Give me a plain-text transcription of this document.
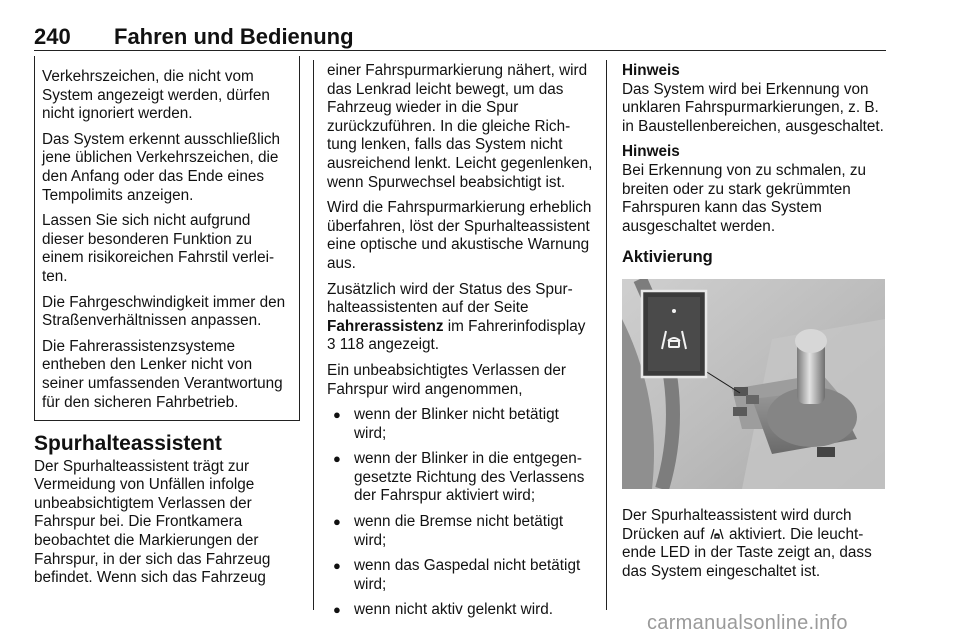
240 Fahren und Bedienung

Verkehrszeichen, die nicht vom System angezeigt werden, dürfen nicht ignoriert werden.

Das System erkennt ausschließlich jene üblichen Verkehrszeichen, die den Anfang oder das Ende eines Tempolimits anzeigen.

Lassen Sie sich nicht aufgrund dieser besonderen Funktion zu einem risikoreichen Fahrstil verleiten.

Die Fahrgeschwindigkeit immer den Straßenverhältnissen anpassen.

Die Fahrerassistenzsysteme entheben den Lenker nicht von seiner umfassenden Verantwortung für den sicheren Fahrbetrieb.

Spurhalteassistent

Der Spurhalteassistent trägt zur Vermeidung von Unfällen infolge unbeabsichtigtem Verlassen der Fahrspur bei. Die Frontkamera beobachtet die Markierungen der Fahrspur, in der sich das Fahrzeug befindet. Wenn sich das Fahrzeug

einer Fahrspurmarkierung nähert, wird das Lenkrad leicht bewegt, um das Fahrzeug wieder in die Spur zurückzuführen. In die gleiche Richtung lenken, falls das System nicht ausreichend lenkt. Leicht gegenlenken, wenn Spurwechsel beabsichtigt ist.

Wird die Fahrspurmarkierung erheblich überfahren, löst der Spurhalteassistent eine optische und akustische Warnung aus.

Zusätzlich wird der Status des Spurhalteassistenten auf der Seite Fahrerassistenz im Fahrerinfodisplay
3 118 angezeigt.

Ein unbeabsichtigtes Verlassen der Fahrspur wird angenommen,

● wenn der Blinker nicht betätigt wird;
● wenn der Blinker in die entgegengesetzte Richtung des Verlassens der Fahrspur aktiviert wird;
● wenn die Bremse nicht betätigt wird;
● wenn das Gaspedal nicht betätigt wird;
● wenn nicht aktiv gelenkt wird.
Hinweis

Das System wird bei Erkennung von unklaren Fahrspurmarkierungen, z. B. in Baustellenbereichen, ausgeschaltet.

Hinweis

Bei Erkennung von zu schmalen, zu breiten oder zu stark gekrümmten Fahrspuren kann das System ausgeschaltet werden.

Aktivierung

Der Spurhalteassistent wird durch Drücken auf  aktiviert. Die leuchtende LED in der Taste zeigt an, dass das System eingeschaltet ist.

carmanualsonline.info
